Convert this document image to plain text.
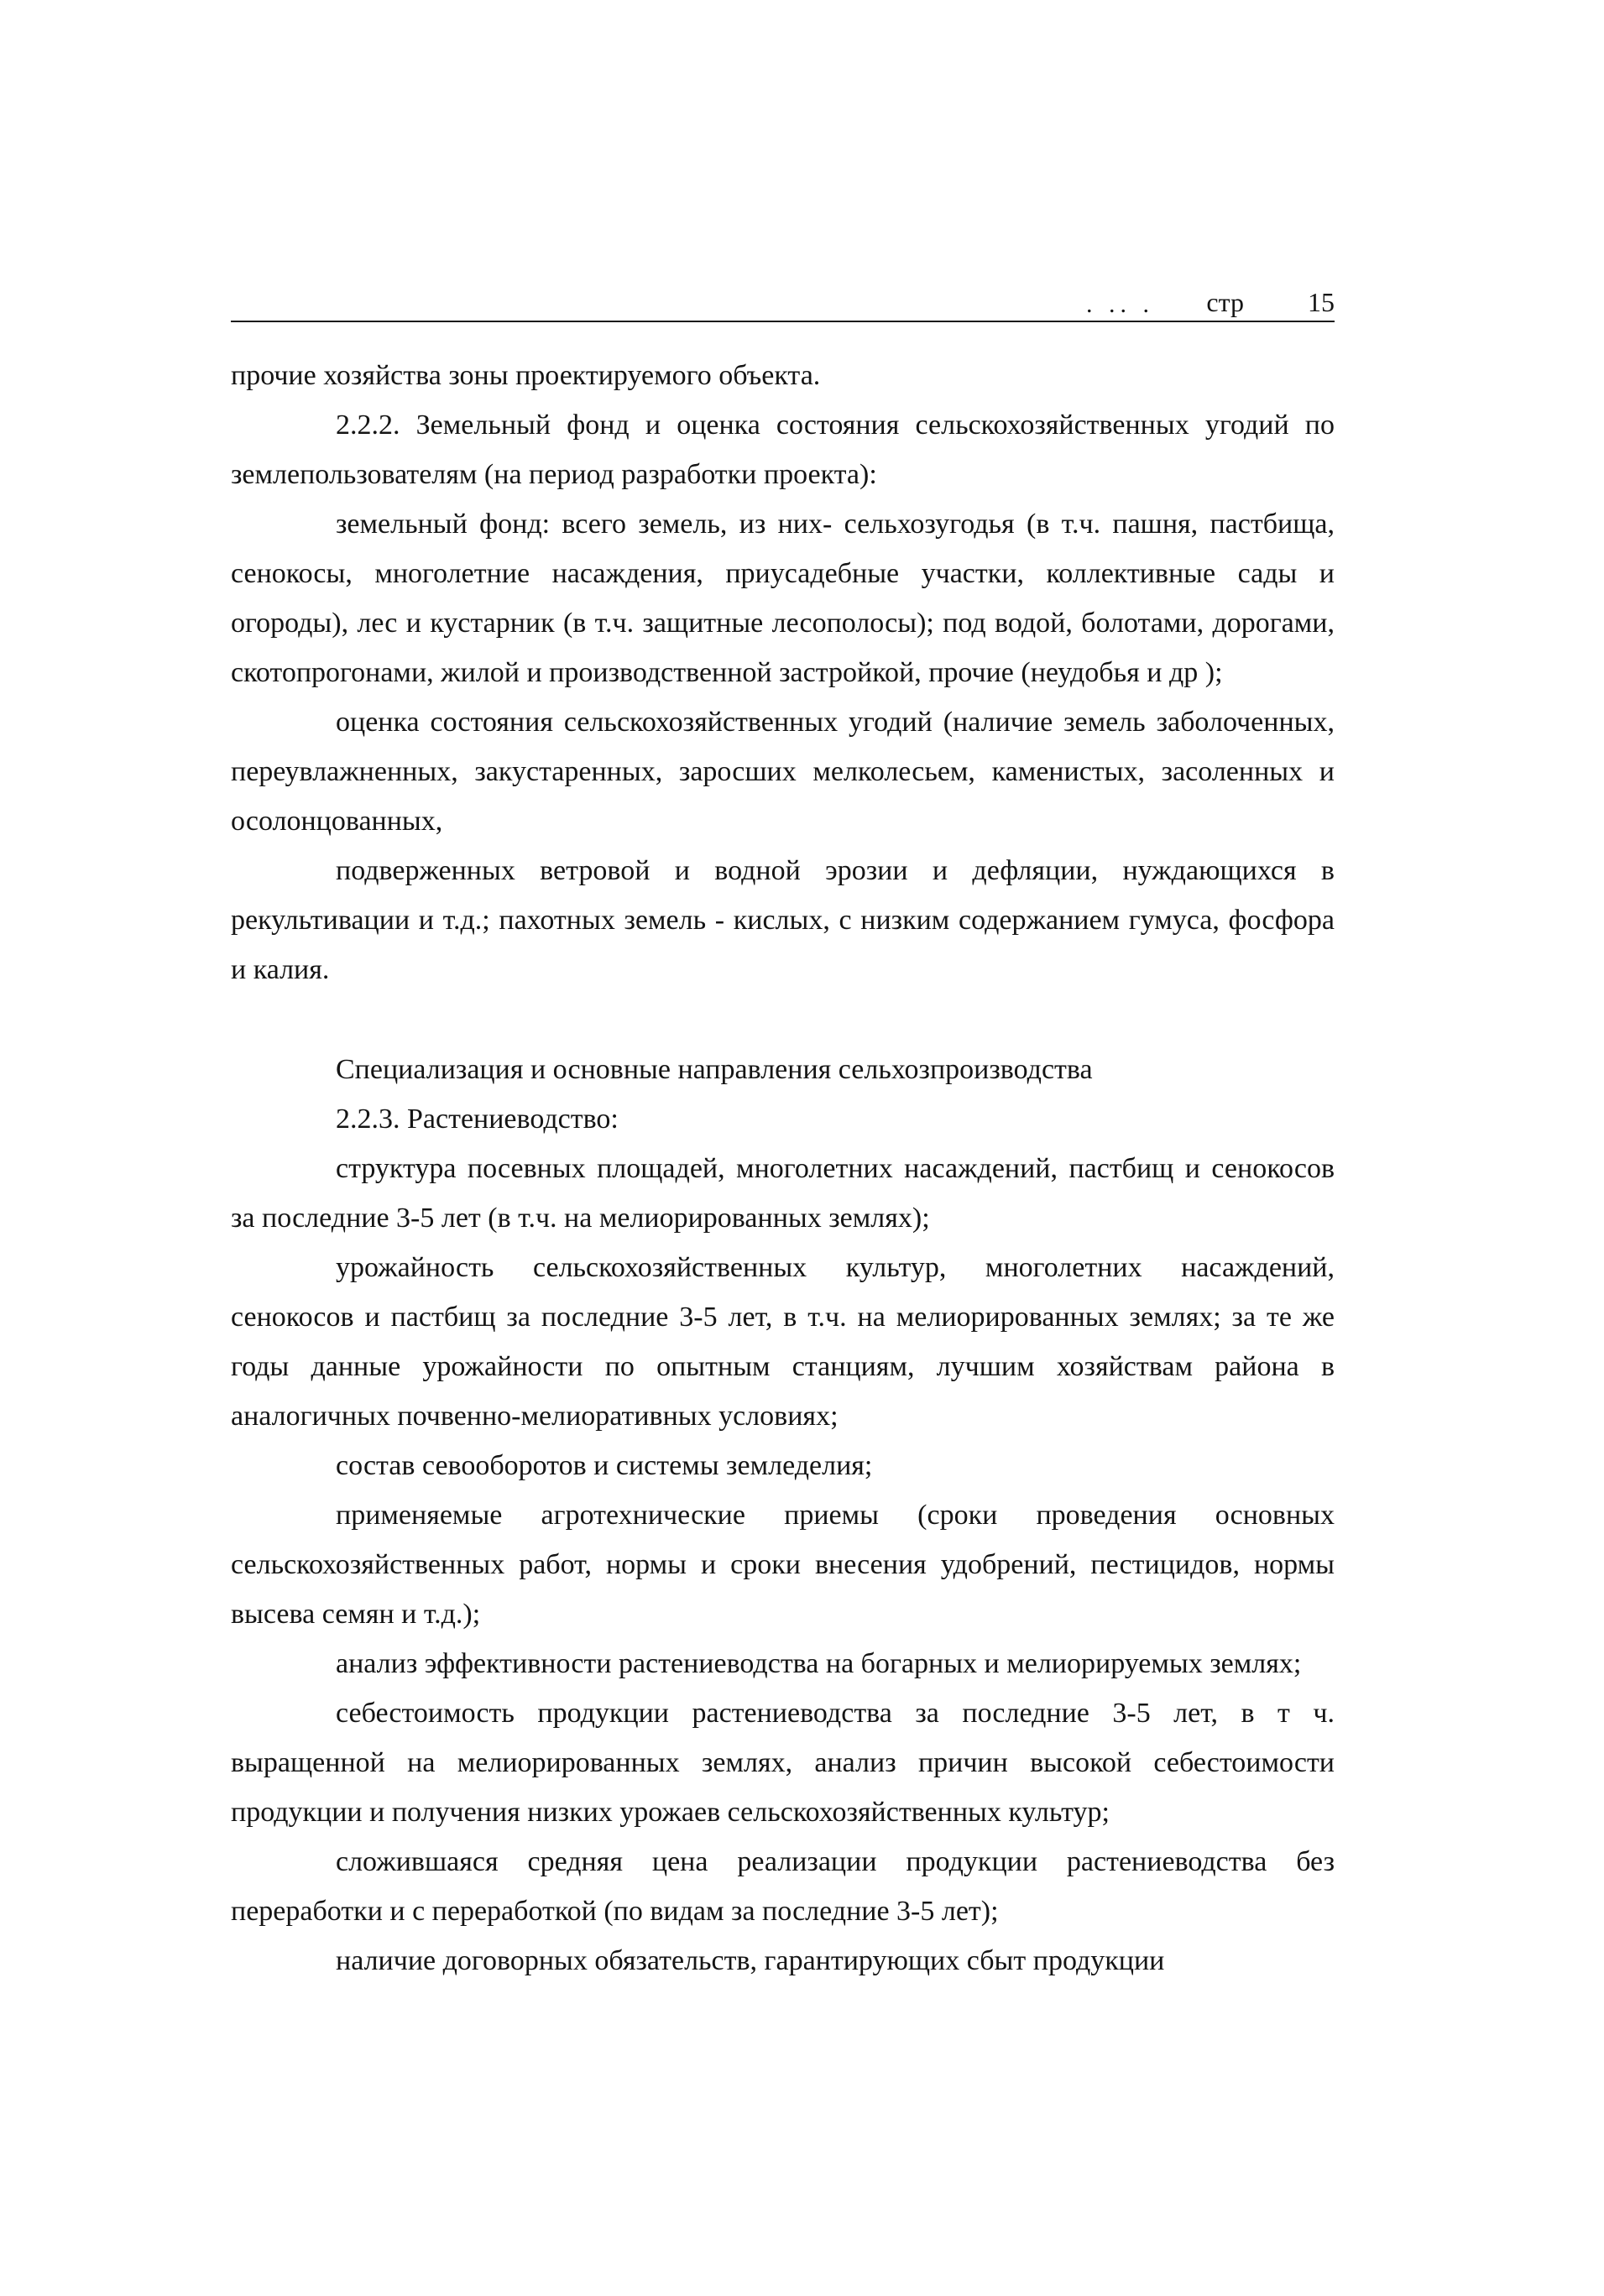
. .. . стр 15

прочие хозяйства зоны проектируемого объекта.

2.2.2. Земельный фонд и оценка состояния сельскохозяйственных угодий по землепользователям (на период разработки проекта):

земельный фонд: всего земель, из них- сельхозугодья (в т.ч. пашня, пастбища, сенокосы, многолетние насаждения, приусадебные участки, коллективные сады и огороды), лес и кустарник (в т.ч. защитные лесополосы); под водой, болотами, дорогами, скотопрогонами, жилой и производственной застройкой, прочие (неудобья и др );

оценка состояния сельскохозяйственных угодий (наличие земель заболоченных, переувлажненных, закустаренных, заросших мелколесьем, каменистых, засоленных и осолонцованных,

подверженных ветровой и водной эрозии и дефляции, нуждающихся в рекультивации и т.д.; пахотных земель - кислых, с низким содержанием гумуса, фосфора и калия.

Специализация и основные направления сельхозпроизводства

2.2.3. Растениеводство:

структура посевных площадей, многолетних насаждений, пастбищ и сенокосов за последние 3-5 лет (в т.ч. на мелиорированных землях);

урожайность сельскохозяйственных культур, многолетних насаждений, сенокосов и пастбищ за последние 3-5 лет, в т.ч. на мелиорированных землях; за те же годы данные урожайности по опытным станциям, лучшим хозяйствам района в аналогичных почвенно-мелиоративных условиях;

состав севооборотов и системы земледелия;

применяемые агротехнические приемы (сроки проведения основных сельскохозяйственных работ, нормы и сроки внесения удобрений, пестицидов, нормы высева семян и т.д.);

анализ эффективности растениеводства на богарных и мелиорируемых землях;

себестоимость продукции растениеводства за последние 3-5 лет, в т ч. выращенной на мелиорированных землях, анализ причин высокой себестоимости продукции и получения низких урожаев сельскохозяйственных культур;

сложившаяся средняя цена реализации продукции растениеводства без переработки и с переработкой (по видам за последние 3-5 лет);

наличие договорных обязательств, гарантирующих сбыт продукции
